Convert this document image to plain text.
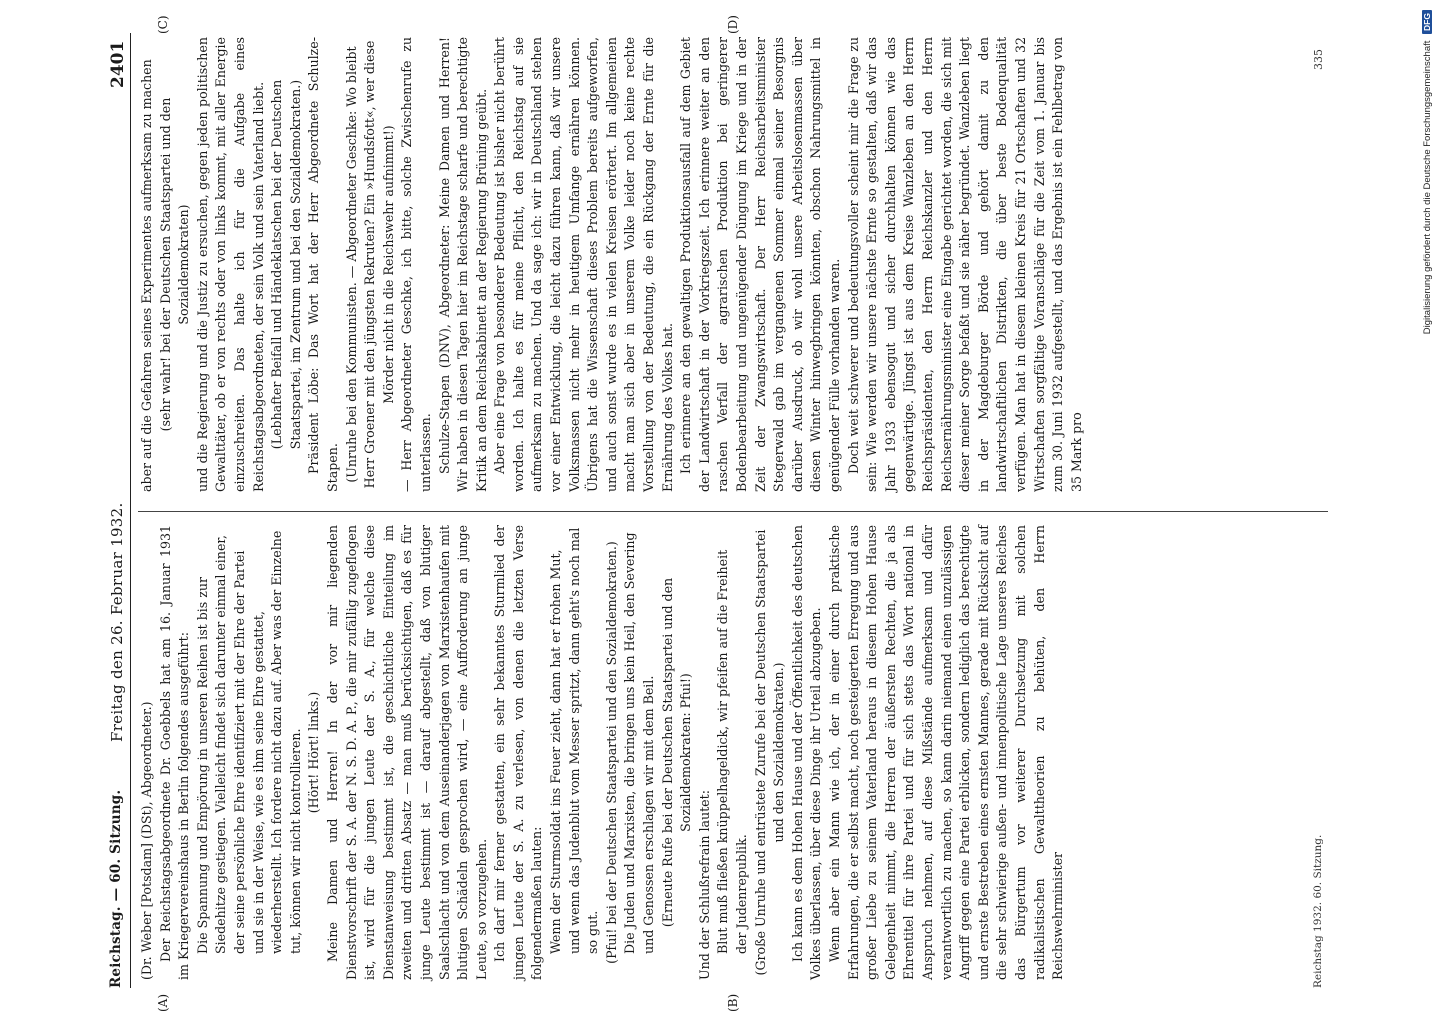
Reichstag. — 60. Sitzung.
Freitag den 26. Februar 1932.
2401
(A)	(B)
(C)	(D)

(Dr. Weber [Potsdam] (DSt), Abgeordneter.) Der Reichstagsabgeordnete Dr. Goebbels hat am 16. Januar 1931 im Kriegervereinshaus in Berlin folgendes ausgeführt: Die Spannung und Empörung in unseren Reihen ist bis zur Siedehitze gestiegen. Vielleicht findet sich darunter einmal einer, der seine persönliche Ehre identifiziert mit der Ehre der Partei und sie in der Weise, wie es ihm seine Ehre gestattet, wiederherstellt. Ich fordere nicht dazu auf. Aber was der Einzelne tut, können wir nicht kontrollieren. (Hört! Hört! links.) Meine Damen und Herren! In der vor mir liegenden Dienstvorschrift der S. A. der N. S. D. A. P., die mir zufällig zugeflogen ist, wird für die jungen Leute der S. A., für welche diese Dienstanweisung bestimmt ist, die geschichtliche Einteilung im zweiten und dritten Absatz — man muß berücksichtigen, daß es für junge Leute bestimmt ist — darauf abgestellt, daß von blutiger Saalschlacht und von dem Auseinanderjagen von Marxistenhaufen mit blutigen Schädeln gesprochen wird, — eine Aufforderung an junge Leute, so vorzugehen. Ich darf mir ferner gestatten, ein sehr bekanntes Sturmlied der jungen Leute der S. A. zu verlesen, von denen die letzten Verse folgendermaßen lauten: Wenn der Sturmsoldat ins Feuer zieht, dann hat er frohen Mut, und wenn das Judenblut vom Messer spritzt, dann geht's noch mal so gut. (Pfui! bei der Deutschen Staatspartei und den Sozialdemokraten.) Die Juden und Marxisten, die bringen uns kein Heil, den Severing und Genossen erschlagen wir mit dem Beil. (Erneute Rufe bei der Deutschen Staatspartei und den Sozialdemokraten: Pfui!)

Und der Schlußrefrain lautet: Blut muß fließen knüppelhageldick, wir pfeifen auf die Freiheit der Judenrepublik. (Große Unruhe und entrüstete Zurufe bei der Deutschen Staatspartei und den Sozialdemokraten.) Ich kann es dem Hohen Hause und der Öffentlichkeit des deutschen Volkes überlassen, über diese Dinge ihr Urteil abzugeben. Wenn aber ein Mann wie ich, der in einer durch praktische Erfahrungen, die er selbst macht, noch gesteigerten Erregung und aus großer Liebe zu seinem Vaterland heraus in diesem Hohen Hause Gelegenheit nimmt, die Herren der äußersten Rechten, die ja als Ehrentitel für ihre Partei und für sich stets das Wort national in Anspruch nehmen, auf diese Mißstände aufmerksam und dafür verantwortlich zu machen, so kann darin niemand einen unzulässigen Angriff gegen eine Partei erblicken, sondern lediglich das berechtigte und ernste Bestreben eines ernsten Mannes, gerade mit Rücksicht auf die sehr schwierige außen- und innenpolitische Lage unseres Reiches das Bürgertum vor weiterer Durchsetzung mit solchen radikalistischen Gewalttheorien zu behüten, den Herrn Reichswehrminister

aber auf die Gefahren seines Experimentes aufmerksam zu machen (sehr wahr! bei der Deutschen Staatspartei und den Sozialdemokraten) und die Regierung und die Justiz zu ersuchen, gegen jeden politischen Gewalttäter, ob er von rechts oder von links kommt, mit aller Energie einzuschreiten. Das halte ich für die Aufgabe eines Reichstagsabgeordneten, der sein Volk und sein Vaterland liebt. (Lebhafter Beifall und Händeklatschen bei der Deutschen Staatspartei, im Zentrum und bei den Sozialdemokraten.) Präsident Löbe: Das Wort hat der Herr Abgeordnete Schulze-Stapen. (Unruhe bei den Kommunisten. — Abgeordneter Geschke: Wo bleibt Herr Groener mit den jüngsten Rekruten? Ein »Hundsfott«, wer diese Mörder nicht in die Reichswehr aufnimmt!) — Herr Abgeordneter Geschke, ich bitte, solche Zwischenrufe zu unterlassen. Schulze-Stapen (DNV), Abgeordneter: Meine Damen und Herren! Wir haben in diesen Tagen hier im Reichstage scharfe und berechtigte Kritik an dem Reichskabinett an der Regierung Brüning geübt. Aber eine Frage von besonderer Bedeutung ist bisher nicht berührt worden. Ich halte es für meine Pflicht, den Reichstag auf sie aufmerksam zu machen. Und da sage ich: wir in Deutschland stehen vor einer Entwicklung, die leicht dazu führen kann, daß wir unsere Volksmassen nicht mehr in heutigem Umfange ernähren können. Übrigens hat die Wissenschaft dieses Problem bereits aufgeworfen, und auch sonst wurde es in vielen Kreisen erörtert. Im allgemeinen macht man sich aber in unserem Volke leider noch keine rechte Vorstellung von der Bedeutung, die ein Rückgang der Ernte für die Ernährung des Volkes hat. Ich erinnere an den gewaltigen Produktionsausfall auf dem Gebiet der Landwirtschaft in der Vorkriegszeit. Ich erinnere weiter an den raschen Verfall der agrarischen Produktion bei geringerer Bodenbearbeitung und ungenügender Düngung im Kriege und in der Zeit der Zwangswirtschaft. Der Herr Reichsarbeitsminister Stegerwald gab im vergangenen Sommer einmal seiner Besorgnis darüber Ausdruck, ob wir wohl unsere Arbeitslosenmassen über diesen Winter hinwegbringen könnten, obschon Nahrungsmittel in genügender Fülle vorhanden waren. Doch weit schwerer und bedeutungsvoller scheint mir die Frage zu sein: Wie werden wir unsere nächste Ernte so gestalten, daß wir das Jahr 1933 ebensogut und sicher durchhalten können wie das gegenwärtige. Jüngst ist aus dem Kreise Wanzleben an den Herrn Reichspräsidenten, den Herrn Reichskanzler und den Herrn Reichsernährungsminister eine Eingabe gerichtet worden, die sich mit dieser meiner Sorge befaßt und sie näher begründet. Wanzleben liegt in der Magdeburger Börde und gehört damit zu den landwirtschaftlichen Distrikten, die über beste Bodenqualität verfügen. Man hat in diesem kleinen Kreis für 21 Ortschaften und 32 Wirtschaften sorgfältige Voranschläge für die Zeit vom 1. Januar bis zum 30. Juni 1932 aufgestellt, und das Ergebnis ist ein Fehlbetrag von 35 Mark pro

Reichstag 1932. 60. Sitzung.
335	Digitalisierung gefördert durch die Deutsche Forschungsgemeinschaft DFG
